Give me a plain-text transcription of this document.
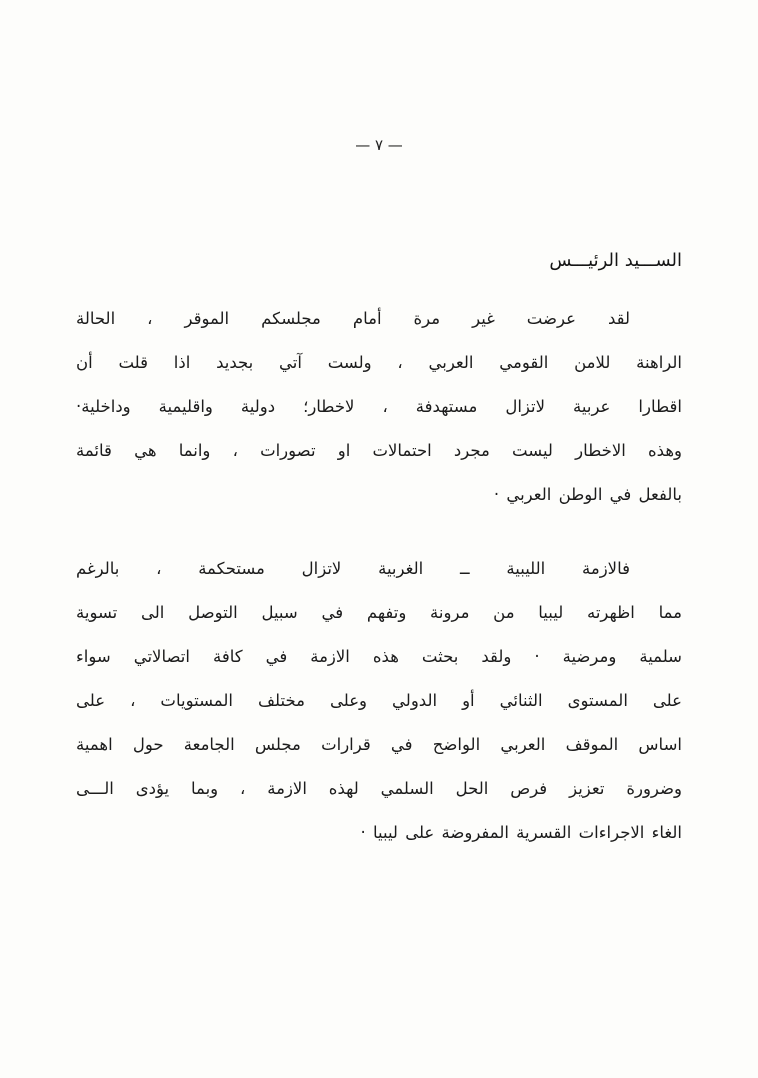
— ٧ —
الســـيد الرئيـــس
لقد عرضت غير مرة أمام مجلسكم الموقر ، الحالة
الراهنة للامن القومي العربي ، ولست آتي بجديد اذا قلت أن
اقطارا عربية لاتزال مستهدفة ، لاخطار؛ دولية واقليمية وداخلية·
وهذه الاخطار ليست مجرد احتمالات او تصورات ، وانما هي قائمة
بالفعل في الوطن العربي ·
فالازمة الليبية ــ الغربية لاتزال مستحكمة ، بالرغم
مما اظهرته ليبيا من مرونة وتفهم في سبيل التوصل الى تسوية
سلمية ومرضية · ولقد بحثت هذه الازمة في كافة اتصالاتي سواء
على المستوى الثنائي أو الدولي وعلى مختلف المستويات ، على
اساس الموقف العربي الواضح في قرارات مجلس الجامعة حول اهمية
وضرورة تعزيز فرص الحل السلمي لهذه الازمة ، وبما يؤدى الـــى
الغاء الاجراءات القسرية المفروضة على ليبيا ·
